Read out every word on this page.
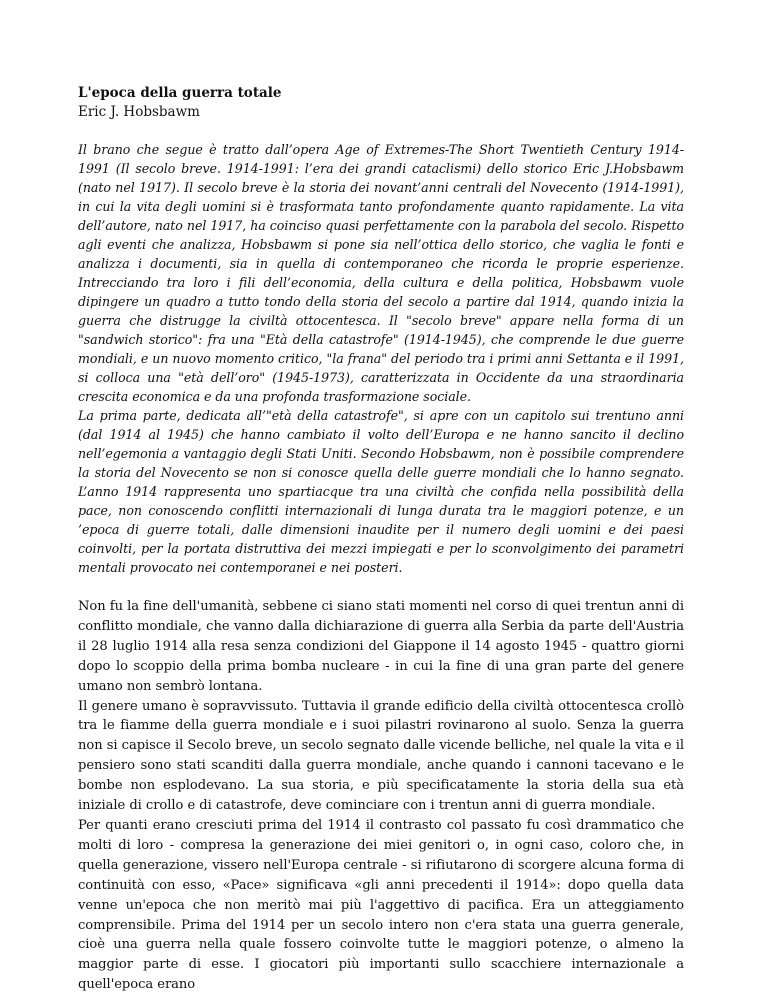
L'epoca della guerra totale

Eric J. Hobsbawm

Il brano che segue è tratto dall’opera Age of Extremes-The Short Twentieth Century 1914-1991 (Il secolo breve. 1914-1991: l’era dei grandi cataclismi) dello storico Eric J.Hobsbawm (nato nel 1917). Il secolo breve è la storia dei novant’anni centrali del Novecento (1914-1991), in cui la vita degli uomini si è trasformata tanto profondamente quanto rapidamente. La vita dell’autore, nato nel 1917, ha coinciso quasi perfettamente con la parabola del secolo. Rispetto agli eventi che analizza, Hobsbawm si pone sia nell’ottica dello storico, che vaglia le fonti e analizza i documenti, sia in quella di contemporaneo che ricorda le proprie esperienze. Intrecciando tra loro i fili dell’economia, della cultura e della politica, Hobsbawm vuole dipingere un quadro a tutto tondo della storia del secolo a partire dal 1914, quando inizia la guerra che distrugge la civiltà ottocentesca. Il "secolo breve" appare nella forma di un "sandwich storico": fra una "Età della catastrofe" (1914-1945), che comprende le due guerre mondiali, e un nuovo momento critico, "la frana" del periodo tra i primi anni Settanta e il 1991, si colloca una "età dell’oro" (1945-1973), caratterizzata in Occidente da una straordinaria crescita economica e da una profonda trasformazione sociale.

La prima parte, dedicata all’"età della catastrofe", si apre con un capitolo sui trentuno anni (dal 1914 al 1945) che hanno cambiato il volto dell’Europa e ne hanno sancito il declino nell’egemonia a vantaggio degli Stati Uniti. Secondo Hobsbawm, non è possibile comprendere la storia del Novecento se non si conosce quella delle guerre mondiali che lo hanno segnato. L’anno 1914 rappresenta uno spartiacque tra una civiltà che confida nella possibilità della pace, non conoscendo conflitti internazionali di lunga durata tra le maggiori potenze, e un ’epoca di guerre totali, dalle dimensioni inaudite per il numero degli uomini e dei paesi coinvolti, per la portata distruttiva dei mezzi impiegati e per lo sconvolgimento dei parametri mentali provocato nei contemporanei e nei posteri.

Non fu la fine dell'umanità, sebbene ci siano stati momenti nel corso di quei trentun anni di conflitto mondiale, che vanno dalla dichiarazione di guerra alla Serbia da parte dell'Austria il 28 luglio 1914 alla resa senza condizioni del Giappone il 14 agosto 1945 - quattro giorni dopo lo scoppio della prima bomba nucleare - in cui la fine di una gran parte del genere umano non sembrò lontana.

Il genere umano è sopravvissuto. Tuttavia il grande edificio della civiltà ottocentesca crollò tra le fiamme della guerra mondiale e i suoi pilastri rovinarono al suolo. Senza la guerra non si capisce il Secolo breve, un secolo segnato dalle vicende belliche, nel quale la vita e il pensiero sono stati scanditi dalla guerra mondiale, anche quando i cannoni tacevano e le bombe non esplodevano. La sua storia, e più specificatamente la storia della sua età iniziale di crollo e di catastrofe, deve cominciare con i trentun anni di guerra mondiale.

Per quanti erano cresciuti prima del 1914 il contrasto col passato fu così drammatico che molti di loro - compresa la generazione dei miei genitori o, in ogni caso, coloro che, in quella generazione, vissero nell'Europa centrale - si rifiutarono di scorgere alcuna forma di continuità con esso, «Pace» significava «gli anni precedenti il 1914»: dopo quella data venne un'epoca che non meritò mai più l'aggettivo di pacifica. Era un atteggiamento comprensibile. Prima del 1914 per un secolo intero non c'era stata una guerra generale, cioè una guerra nella quale fossero coinvolte tutte le maggiori potenze, o almeno la maggior parte di esse. I giocatori più importanti sullo scacchiere internazionale a quell'epoca erano
